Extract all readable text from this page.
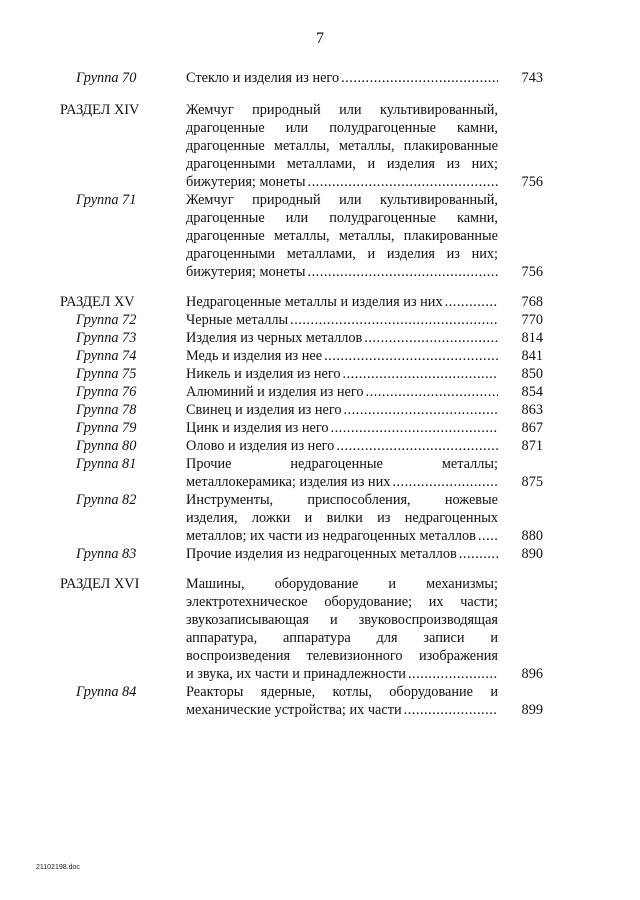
7
Группа 70	Стекло и изделия из него .....	743
РАЗДЕЛ XIV	Жемчуг природный или культивированный,
драгоценные или полудрагоценные камни,
драгоценные металлы, металлы, плакированные
драгоценными металлами, и изделия из них;
бижутерия; монеты .....	756
Группа 71	Жемчуг природный или культивированный,
драгоценные или полудрагоценные камни,
драгоценные металлы, металлы, плакированные
драгоценными металлами, и изделия из них;
бижутерия; монеты .....	756
РАЗДЕЛ XV	Недрагоценные металлы и изделия из них .....	768
Группа 72	Черные металлы .....	770
Группа 73	Изделия из черных металлов .....	814
Группа 74	Медь и изделия из нее .....	841
Группа 75	Никель и изделия из него .....	850
Группа 76	Алюминий и изделия из него .....	854
Группа 78	Свинец и изделия из него .....	863
Группа 79	Цинк и изделия из него .....	867
Группа 80	Олово и изделия из него .....	871
Группа 81	Прочие недрагоценные металлы;
металлокерамика; изделия из них .....	875
Группа 82	Инструменты, приспособления, ножевые
изделия, ложки и вилки из недрагоценных
металлов; их части из недрагоценных металлов .....	880
Группа 83	Прочие изделия из недрагоценных металлов .....	890
РАЗДЕЛ XVI	Машины, оборудование и механизмы;
электротехническое оборудование; их части;
звукозаписывающая и звуковоспроизводящая
аппаратура, аппаратура для записи и
воспроизведения телевизионного изображения
и звука, их части и принадлежности .....	896
Группа 84	Реакторы ядерные, котлы, оборудование и
механические устройства; их части .....	899
21102198.doc
